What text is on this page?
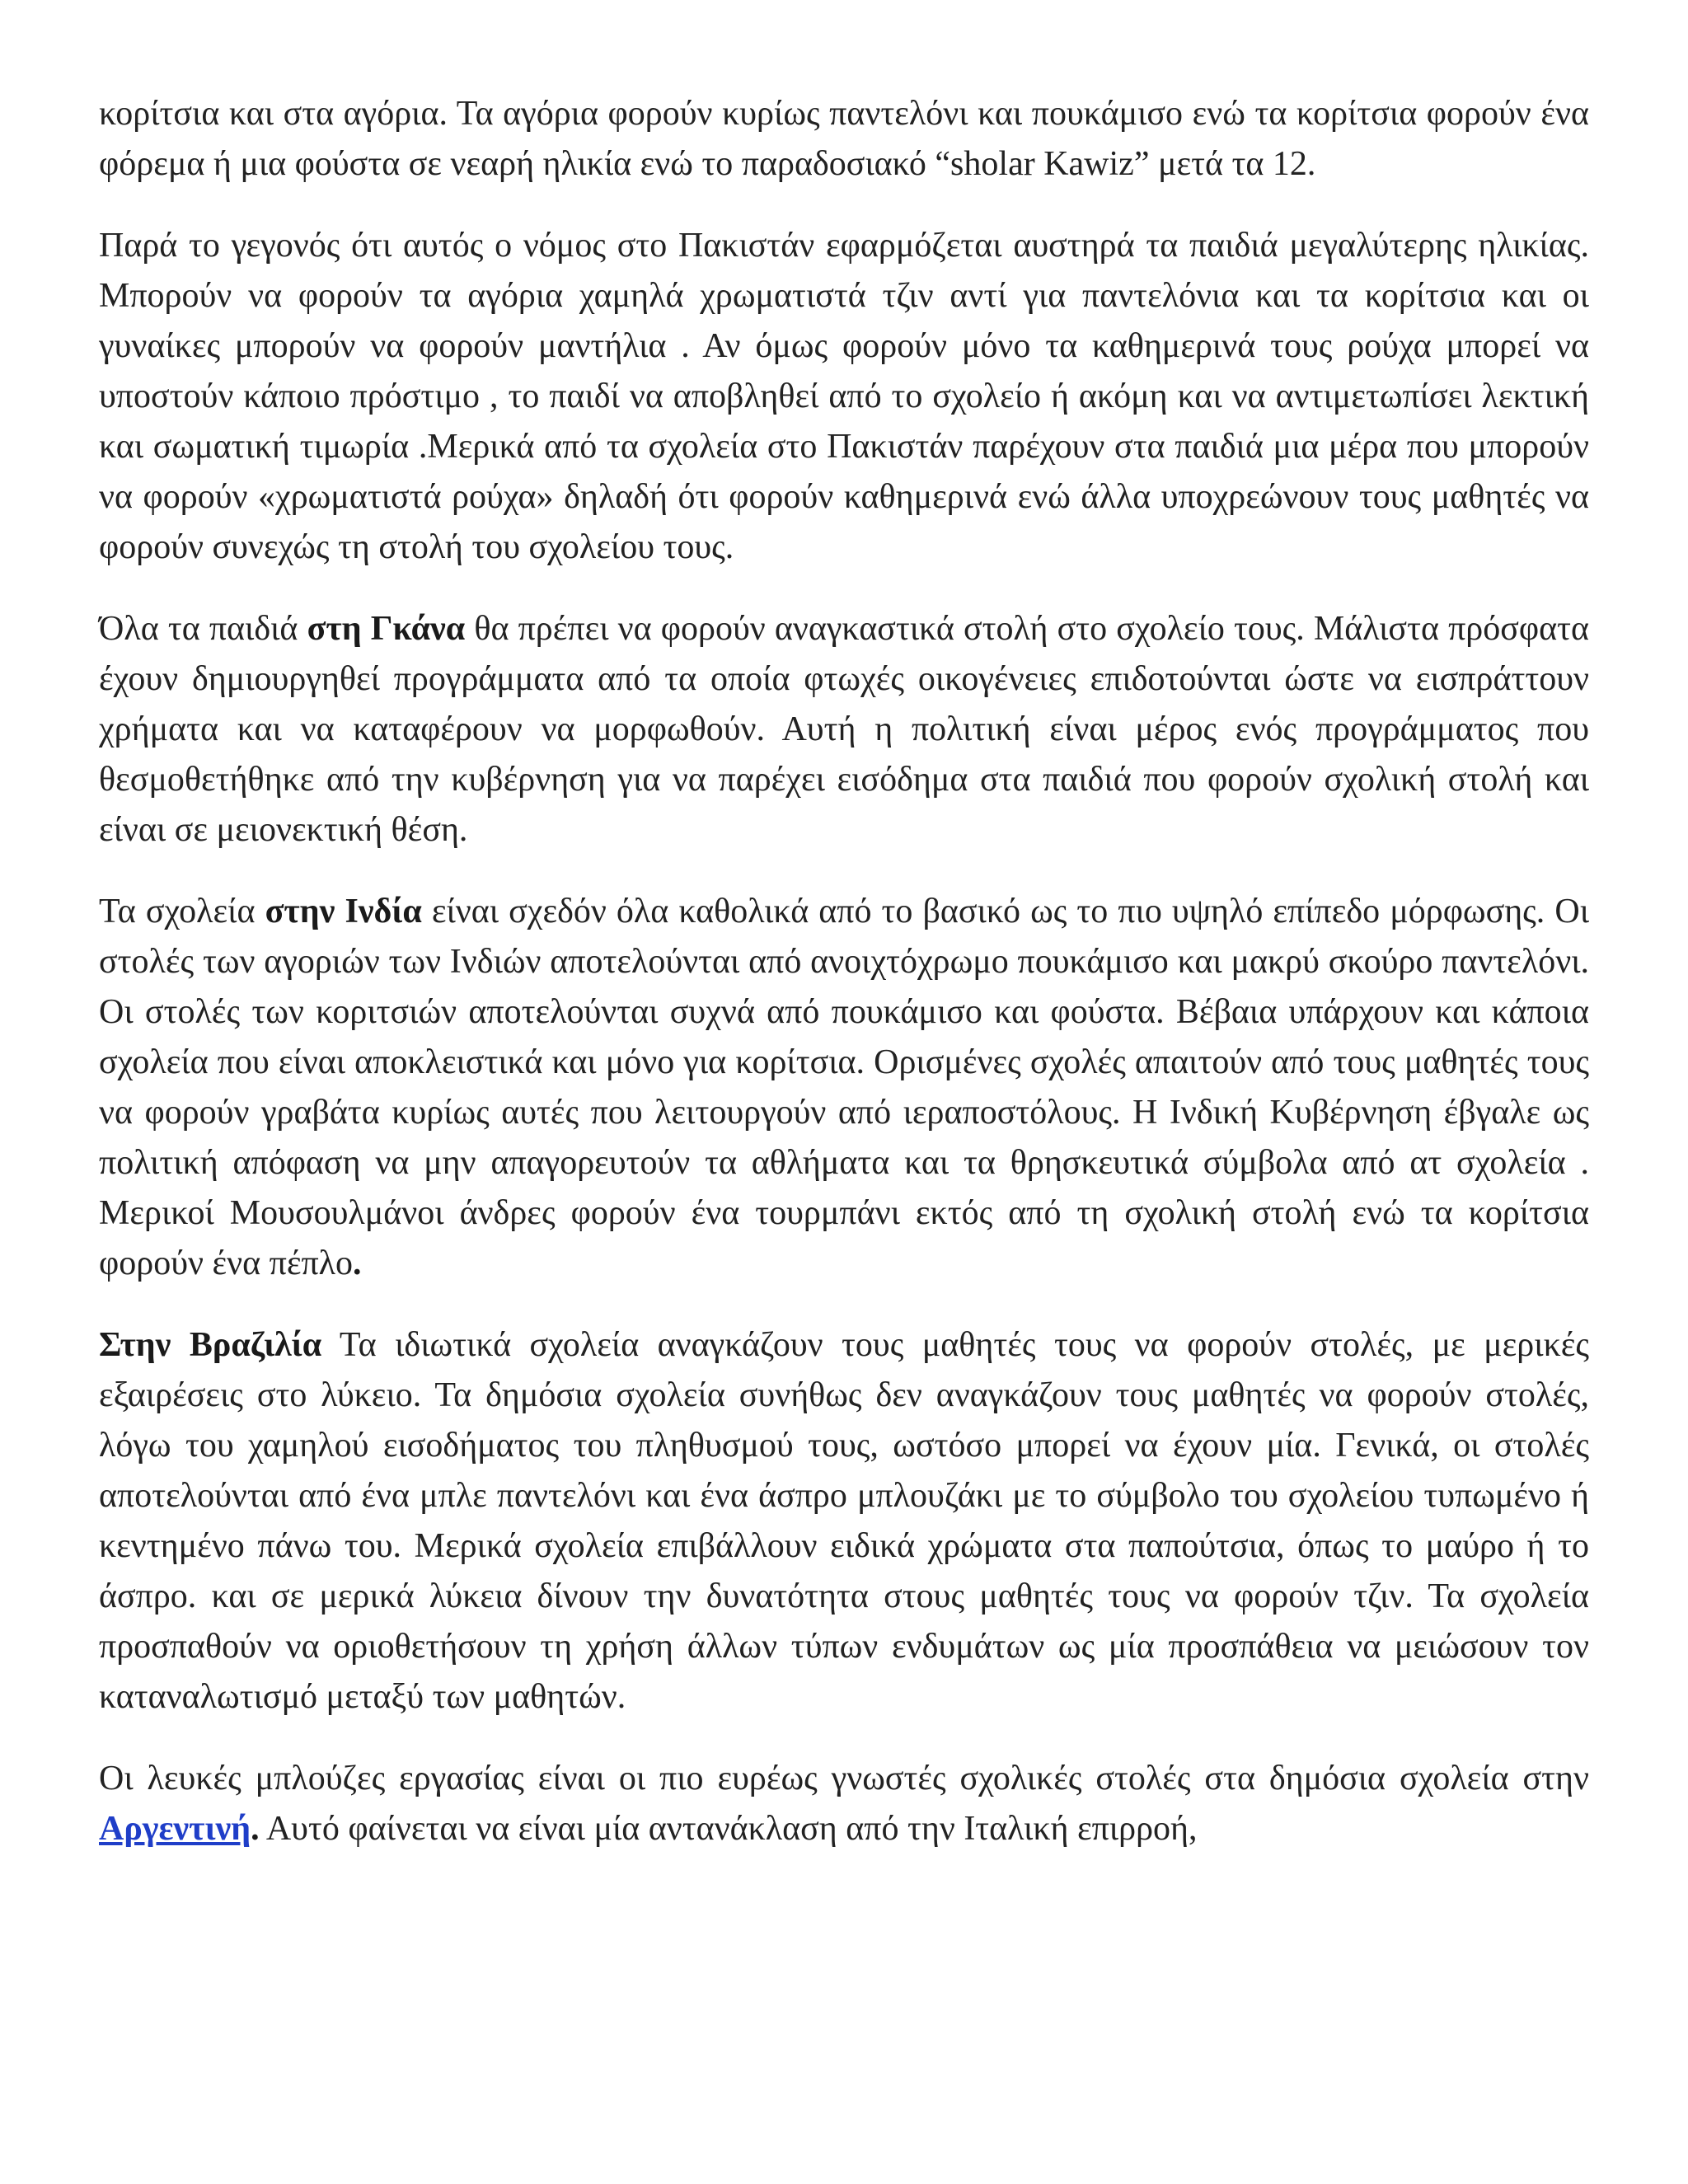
κορίτσια και στα αγόρια. Τα αγόρια φορούν κυρίως παντελόνι και πουκάμισο ενώ τα κορίτσια φορούν ένα φόρεμα ή μια φούστα σε νεαρή ηλικία ενώ το παραδοσιακό “sholar Kawiz” μετά τα 12.

Παρά το γεγονός ότι αυτός ο νόμος στο Πακιστάν εφαρμόζεται αυστηρά τα παιδιά μεγαλύτερης ηλικίας. Μπορούν να φορούν τα αγόρια χαμηλά χρωματιστά τζιν αντί για παντελόνια και τα κορίτσια και οι γυναίκες μπορούν να φορούν μαντήλια . Αν όμως φορούν μόνο τα καθημερινά τους ρούχα μπορεί να υποστούν κάποιο πρόστιμο , το παιδί να αποβληθεί από το σχολείο ή ακόμη και να αντιμετωπίσει λεκτική και σωματική τιμωρία .Μερικά από τα σχολεία στο Πακιστάν παρέχουν στα παιδιά μια μέρα που μπορούν να φορούν «χρωματιστά ρούχα» δηλαδή ότι φορούν καθημερινά ενώ άλλα υποχρεώνουν τους μαθητές να φορούν συνεχώς τη στολή του σχολείου τους.

Όλα τα παιδιά στη Γκάνα θα πρέπει να φορούν αναγκαστικά στολή στο σχολείο τους. Μάλιστα πρόσφατα έχουν δημιουργηθεί προγράμματα από τα οποία φτωχές οικογένειες επιδοτούνται ώστε να εισπράττουν χρήματα και να καταφέρουν να μορφωθούν. Αυτή η πολιτική είναι μέρος ενός προγράμματος που θεσμοθετήθηκε από την κυβέρνηση για να παρέχει εισόδημα στα παιδιά που φορούν σχολική στολή και είναι σε μειονεκτική θέση.

Τα σχολεία στην Ινδία είναι σχεδόν όλα καθολικά από το βασικό ως το πιο υψηλό επίπεδο μόρφωσης. Οι στολές των αγοριών των Ινδιών αποτελούνται από ανοιχτόχρωμο πουκάμισο και μακρύ σκούρο παντελόνι. Οι στολές των κοριτσιών αποτελούνται συχνά από πουκάμισο και φούστα. Βέβαια υπάρχουν και κάποια σχολεία που είναι αποκλειστικά και μόνο για κορίτσια. Ορισμένες σχολές απαιτούν από τους μαθητές τους να φορούν γραβάτα κυρίως αυτές που λειτουργούν από ιεραποστόλους. Η Ινδική Κυβέρνηση έβγαλε ως πολιτική απόφαση να μην απαγορευτούν τα αθλήματα και τα θρησκευτικά σύμβολα από ατ σχολεία . Μερικοί Μουσουλμάνοι άνδρες φορούν ένα τουρμπάνι εκτός από τη σχολική στολή ενώ τα κορίτσια φορούν ένα πέπλο.

Στην Βραζιλία Τα ιδιωτικά σχολεία αναγκάζουν τους μαθητές τους να φορούν στολές, με μερικές εξαιρέσεις στο λύκειο. Τα δημόσια σχολεία συνήθως δεν αναγκάζουν τους μαθητές να φορούν στολές, λόγω του χαμηλού εισοδήματος του πληθυσμού τους, ωστόσο μπορεί να έχουν μία. Γενικά, οι στολές αποτελούνται από ένα μπλε παντελόνι και ένα άσπρο μπλουζάκι με το σύμβολο του σχολείου τυπωμένο ή κεντημένο πάνω του. Μερικά σχολεία επιβάλλουν ειδικά χρώματα στα παπούτσια, όπως το μαύρο ή το άσπρο. και σε μερικά λύκεια δίνουν την δυνατότητα στους μαθητές τους να φορούν τζιν. Τα σχολεία προσπαθούν να οριοθετήσουν τη χρήση άλλων τύπων ενδυμάτων ως μία προσπάθεια να μειώσουν τον καταναλωτισμό μεταξύ των μαθητών.

Οι λευκές μπλούζες εργασίας είναι οι πιο ευρέως γνωστές σχολικές στολές στα δημόσια σχολεία στην Αργεντινή. Αυτό φαίνεται να είναι μία αντανάκλαση από την Ιταλική επιρροή,
